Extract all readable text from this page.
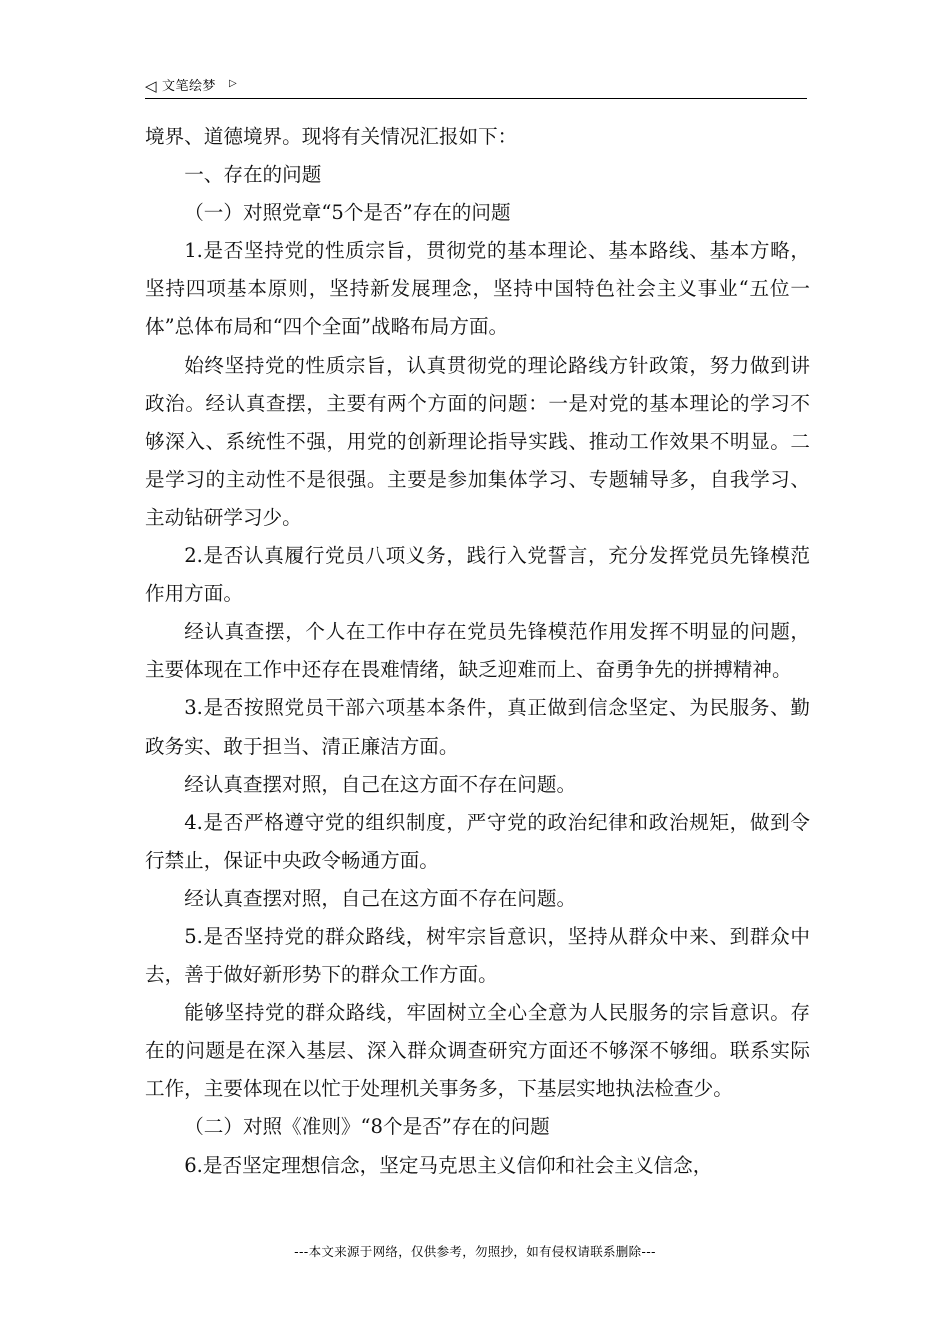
◁ 文笔绘梦 ▷

境界、道德境界。现将有关情况汇报如下：

一、存在的问题

（一）对照党章“5个是否”存在的问题

1.是否坚持党的性质宗旨，贯彻党的基本理论、基本路线、基本方略，坚持四项基本原则，坚持新发展理念，坚持中国特色社会主义事业“五位一体”总体布局和“四个全面”战略布局方面。

始终坚持党的性质宗旨，认真贯彻党的理论路线方针政策，努力做到讲政治。经认真查摆，主要有两个方面的问题：一是对党的基本理论的学习不够深入、系统性不强，用党的创新理论指导实践、推动工作效果不明显。二是学习的主动性不是很强。主要是参加集体学习、专题辅导多，自我学习、主动钻研学习少。

2.是否认真履行党员八项义务，践行入党誓言，充分发挥党员先锋模范作用方面。

经认真查摆，个人在工作中存在党员先锋模范作用发挥不明显的问题，主要体现在工作中还存在畏难情绪，缺乏迎难而上、奋勇争先的拼搏精神。

3.是否按照党员干部六项基本条件，真正做到信念坚定、为民服务、勤政务实、敢于担当、清正廉洁方面。

经认真查摆对照，自己在这方面不存在问题。

4.是否严格遵守党的组织制度，严守党的政治纪律和政治规矩，做到令行禁止，保证中央政令畅通方面。

经认真查摆对照，自己在这方面不存在问题。

5.是否坚持党的群众路线，树牢宗旨意识，坚持从群众中来、到群众中去，善于做好新形势下的群众工作方面。

能够坚持党的群众路线，牢固树立全心全意为人民服务的宗旨意识。存在的问题是在深入基层、深入群众调查研究方面还不够深不够细。联系实际工作，主要体现在以忙于处理机关事务多，下基层实地执法检查少。

（二）对照《准则》“8个是否”存在的问题

6.是否坚定理想信念，坚定马克思主义信仰和社会主义信念，

---本文来源于网络，仅供参考，勿照抄，如有侵权请联系删除---
